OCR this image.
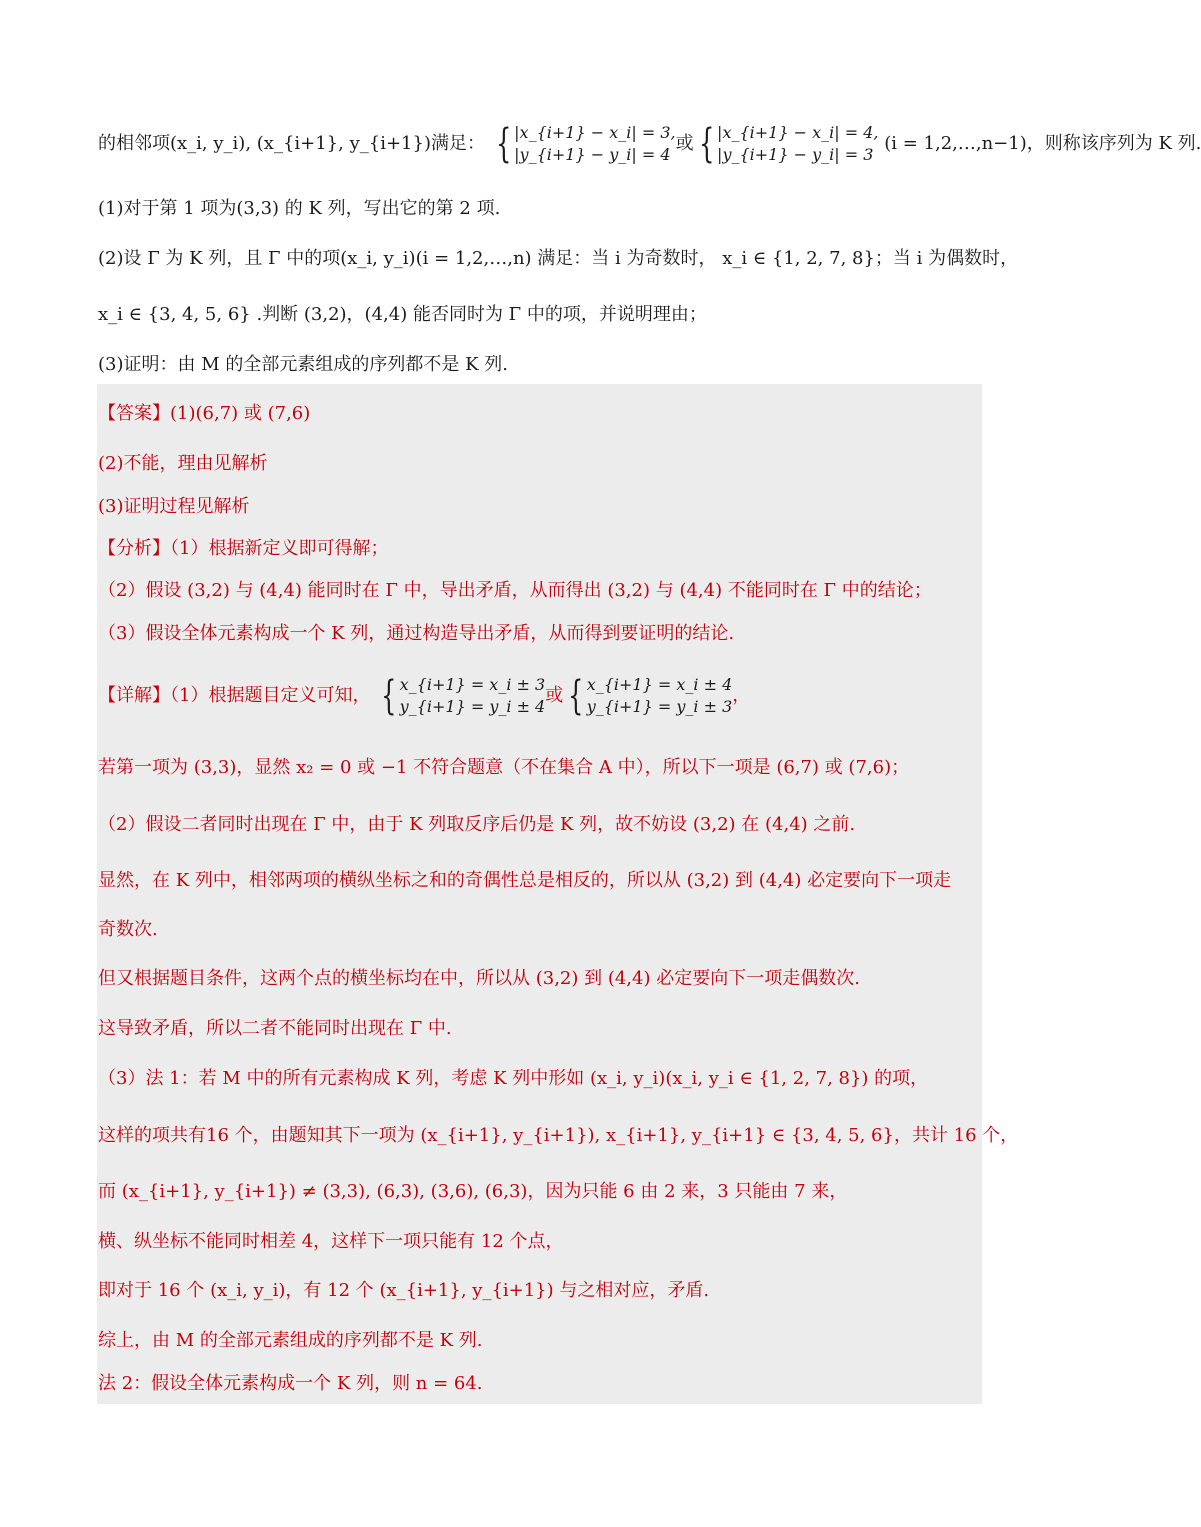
的相邻项(x_i, y_i), (x_{i+1}, y_{i+1})满足： { |x_{i+1} − x_i| = 3,
|y_{i+1} − y_i| = 4
或 { |x_{i+1} − x_i| = 4,
|y_{i+1} − y_i| = 3
(i = 1,2,…,n−1)，则称该序列为 K 列.
(1)对于第 1 项为(3,3) 的 K 列，写出它的第 2 项.
(2)设 Γ 为 K 列，且 Γ 中的项(x_i, y_i)(i = 1,2,…,n) 满足：当 i 为奇数时， x_i ∈ {1, 2, 7, 8}；当 i 为偶数时，
x_i ∈ {3, 4, 5, 6} .判断 (3,2)，(4,4) 能否同时为 Γ 中的项，并说明理由；
(3)证明：由 M 的全部元素组成的序列都不是 K 列.
【答案】(1)(6,7) 或 (7,6)
(2)不能，理由见解析
(3)证明过程见解析
【分析】（1）根据新定义即可得解；
（2）假设 (3,2) 与 (4,4) 能同时在 Γ 中，导出矛盾，从而得出 (3,2) 与 (4,4) 不能同时在 Γ 中的结论；
（3）假设全体元素构成一个 K 列，通过构造导出矛盾，从而得到要证明的结论.
【详解】（1）根据题目定义可知， { x_{i+1} = x_i ± 3
y_{i+1} = y_i ± 4
或 { x_{i+1} = x_i ± 4
y_{i+1} = y_i ± 3
，
若第一项为 (3,3)，显然 x₂ = 0 或 −1 不符合题意（不在集合 A 中），所以下一项是 (6,7) 或 (7,6)；
（2）假设二者同时出现在 Γ 中，由于 K 列取反序后仍是 K 列，故不妨设 (3,2) 在 (4,4) 之前.
显然，在 K 列中，相邻两项的横纵坐标之和的奇偶性总是相反的，所以从 (3,2) 到 (4,4) 必定要向下一项走
奇数次.
但又根据题目条件，这两个点的横坐标均在中，所以从 (3,2) 到 (4,4) 必定要向下一项走偶数次.
这导致矛盾，所以二者不能同时出现在 Γ 中.
（3）法 1：若 M 中的所有元素构成 K 列，考虑 K 列中形如 (x_i, y_i)(x_i, y_i ∈ {1, 2, 7, 8}) 的项，
这样的项共有16 个，由题知其下一项为 (x_{i+1}, y_{i+1}), x_{i+1}, y_{i+1} ∈ {3, 4, 5, 6}，共计 16 个，
而 (x_{i+1}, y_{i+1}) ≠ (3,3), (6,3), (3,6), (6,3)，因为只能 6 由 2 来，3 只能由 7 来，
横、纵坐标不能同时相差 4，这样下一项只能有 12 个点，
即对于 16 个 (x_i, y_i)，有 12 个 (x_{i+1}, y_{i+1}) 与之相对应，矛盾.
综上，由 M 的全部元素组成的序列都不是 K 列.
法 2：假设全体元素构成一个 K 列，则 n = 64.
